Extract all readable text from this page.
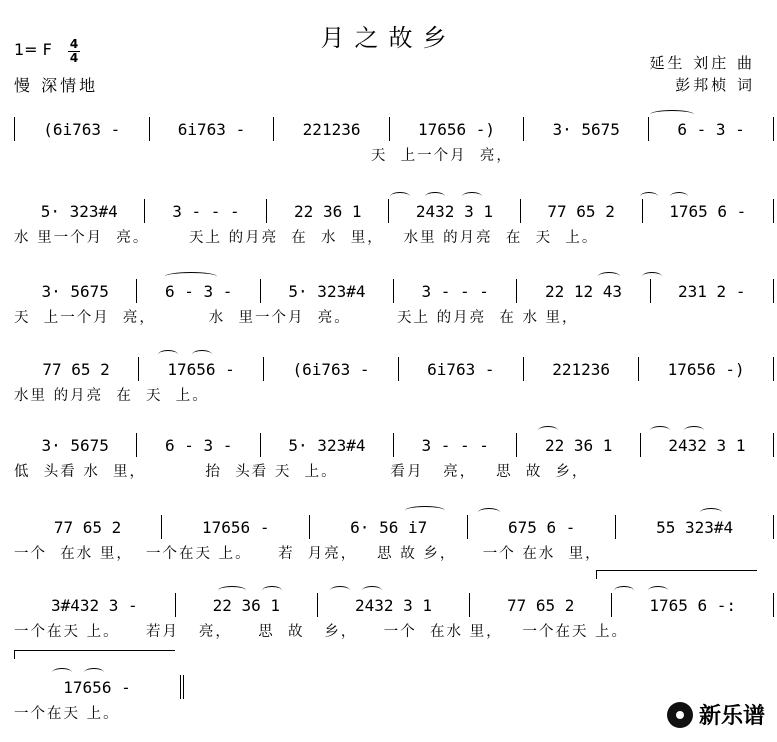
月之故乡
1= F 4
4
慢 深情地
延生 刘庄 曲
彭邦桢 词
(6i763 -	6i763 -	221236	17656 -)	3· 5675	6 - 3 -
天  上一个月  亮，
5· 323#4	3 - - -	22 36 1	2432 3 1	77 65 2	1765 6 -
水 里一个月  亮。      天上 的月亮  在  水  里，   水里 的月亮  在  天  上。
3· 5675	6 - 3 -	5· 323#4	3 - - -	22 12 43	231 2 -
天  上一个月  亮，        水  里一个月  亮。       天上 的月亮  在 水 里，
77 65 2	17656 -	(6i763 -	6i763 -	221236	17656 -)
水里 的月亮  在  天  上。
3· 5675	6 - 3 -	5· 323#4	3 - - -	22 36 1	2432 3 1
低  头看 水  里，         抬  头看 天  上。        看月   亮，   思  故  乡，
77 65 2	17656 -	6· 56 i7	675 6 -	55 323#4
一个  在水 里，  一个在天 上。    若  月亮，   思 故 乡，    一个 在水  里，
3#432 3 -	22 36 1	2432 3 1	77 65 2	1765 6 -:
一个在天 上。    若月   亮，    思  故   乡，    一个  在水 里，   一个在天 上。
17656 -
一个在天 上。	新乐谱
